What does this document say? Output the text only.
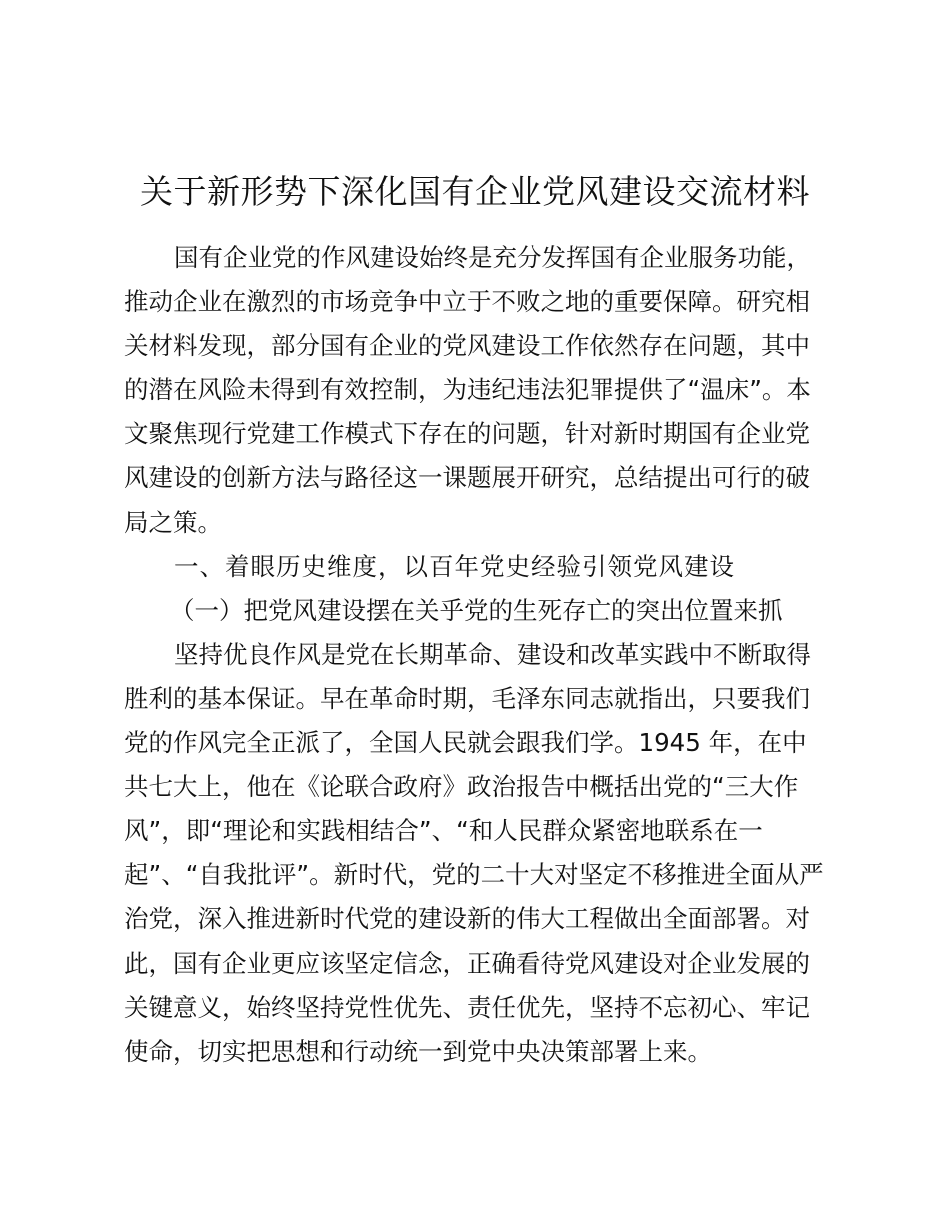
关于新形势下深化国有企业党风建设交流材料
国有企业党的作风建设始终是充分发挥国有企业服务功能，
推动企业在激烈的市场竞争中立于不败之地的重要保障。研究相
关材料发现，部分国有企业的党风建设工作依然存在问题，其中
的潜在风险未得到有效控制，为违纪违法犯罪提供了“温床”。本
文聚焦现行党建工作模式下存在的问题，针对新时期国有企业党
风建设的创新方法与路径这一课题展开研究，总结提出可行的破
局之策。
一、着眼历史维度，以百年党史经验引领党风建设
（一）把党风建设摆在关乎党的生死存亡的突出位置来抓
坚持优良作风是党在长期革命、建设和改革实践中不断取得
胜利的基本保证。早在革命时期，毛泽东同志就指出，只要我们
党的作风完全正派了，全国人民就会跟我们学。1945 年，在中
共七大上，他在《论联合政府》政治报告中概括出党的“三大作
风”，即“理论和实践相结合”、“和人民群众紧密地联系在一
起”、“自我批评”。新时代，党的二十大对坚定不移推进全面从严
治党，深入推进新时代党的建设新的伟大工程做出全面部署。对
此，国有企业更应该坚定信念，正确看待党风建设对企业发展的
关键意义，始终坚持党性优先、责任优先，坚持不忘初心、牢记
使命，切实把思想和行动统一到党中央决策部署上来。
